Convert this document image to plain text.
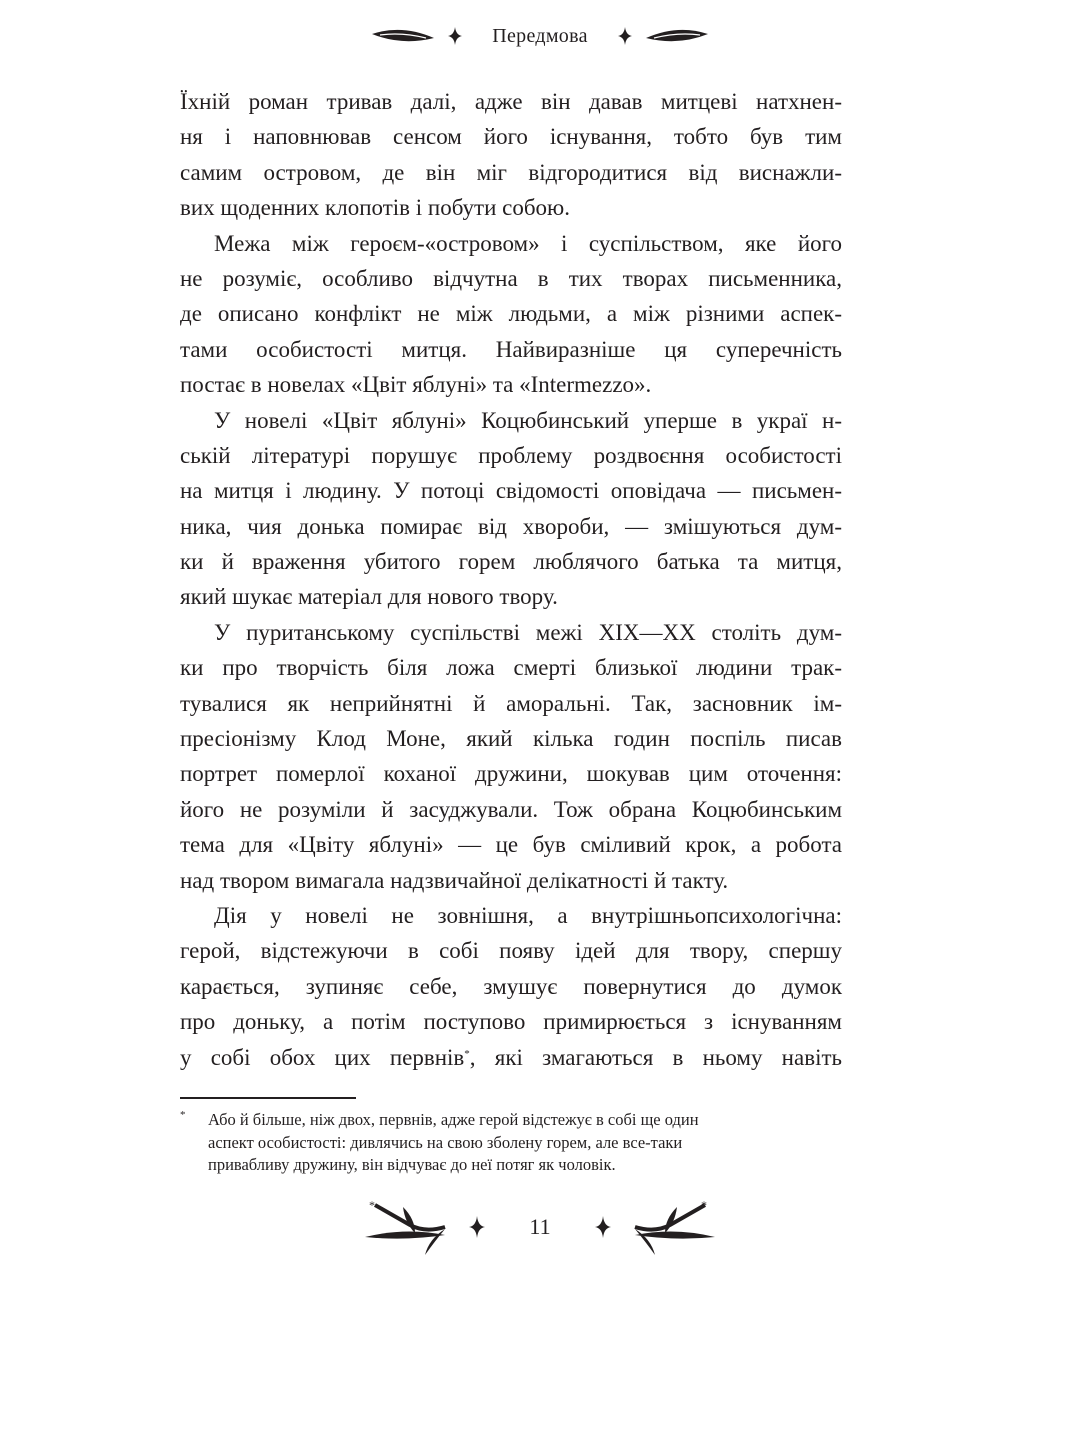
Передмова
Їхній роман тривав далі, адже він давав митцеві натхнен-
ня і наповнював сенсом його існування, тобто був тим
самим островом, де він міг відгородитися від виснажли-
вих щоденних клопотів і побути собою.
Межа між героєм-«островом» і суспільством, яке його
не розуміє, особливо відчутна в тих творах письменника,
де описано конфлікт не між людьми, а між різними аспек-
тами особистості митця. Найвиразніше ця суперечність
постає в новелах «Цвіт яблуні» та «Intermezzo».
У новелі «Цвіт яблуні» Коцюбинський уперше в украї н-
ській літературі порушує проблему роздвоєння особистості
на митця і людину. У потоці свідомості оповідача — письмен-
ника, чия донька помирає від хвороби, — змішуються дум-
ки й враження убитого горем люблячого батька та митця,
який шукає матеріал для нового твору.
У пуританському суспільстві межі XIX—XX століть дум-
ки про творчість біля ложа смерті близької людини трак-
тувалися як неприйнятні й аморальні. Так, засновник ім-
пресіонізму Клод Моне, який кілька годин поспіль писав
портрет померлої коханої дружини, шокував цим оточення:
його не розуміли й засуджували. Тож обрана Коцюбинським
тема для «Цвіту яблуні» — це був сміливий крок, а робота
над твором вимагала надзвичайної делікатності й такту.
Дія у новелі не зовнішня, а внутрішньопсихологічна:
герой, відстежуючи в собі появу ідей для твору, спершу
карається, зупиняє себе, змушує повернутися до думок
про доньку, а потім поступово примирюється з існуванням
у собі обох цих первнів*, які змагаються в ньому навіть
* Або й більше, ніж двох, первнів, адже герой відстежує в собі ще один
аспект особистості: дивлячись на свою зболену горем, але все-таки
привабливу дружину, він відчуває до неї потяг як чоловік.
*
11
*
